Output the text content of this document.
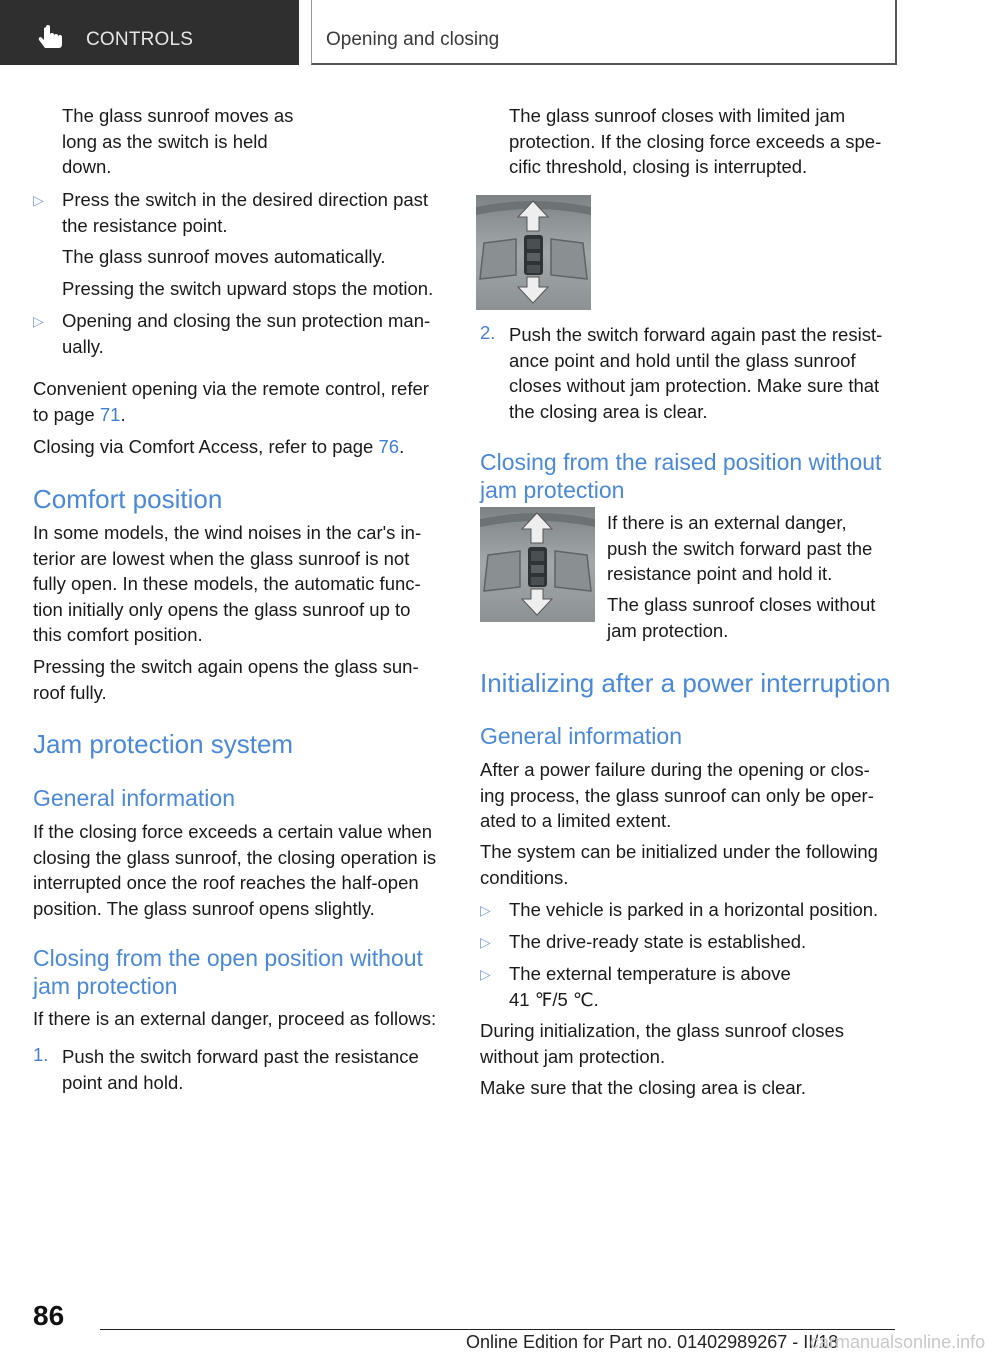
CONTROLS	Opening and closing

The glass sunroof moves as
long as the switch is held
down.

▷ Press the switch in the desired direction past
the resistance point.

The glass sunroof moves automatically.

Pressing the switch upward stops the motion.

▷ Opening and closing the sun protection man‐
ually.

Convenient opening via the remote control, refer
to page 71.

Closing via Comfort Access, refer to page 76.

Comfort position

In some models, the wind noises in the car's in‐
terior are lowest when the glass sunroof is not
fully open. In these models, the automatic func‐
tion initially only opens the glass sunroof up to
this comfort position.

Pressing the switch again opens the glass sun‐
roof fully.

Jam protection system
General information

If the closing force exceeds a certain value when
closing the glass sunroof, the closing operation is
interrupted once the roof reaches the half-open
position. The glass sunroof opens slightly.

Closing from the open position without
jam protection

If there is an external danger, proceed as follows:

1. Push the switch forward past the resistance
point and hold.

The glass sunroof closes with limited jam
protection. If the closing force exceeds a spe‐
cific threshold, closing is interrupted.

2. Push the switch forward again past the resist‐
ance point and hold until the glass sunroof
closes without jam protection. Make sure that
the closing area is clear.

Closing from the raised position without
jam protection

If there is an external danger,
push the switch forward past the
resistance point and hold it.

The glass sunroof closes without
jam protection.

Initializing after a power interruption
General information

After a power failure during the opening or clos‐
ing process, the glass sunroof can only be oper‐
ated to a limited extent.

The system can be initialized under the following
conditions.

▷ The vehicle is parked in a horizontal position.

▷ The drive-ready state is established.

▷ The external temperature is above
41 ℉/5 ℃.

During initialization, the glass sunroof closes
without jam protection.

Make sure that the closing area is clear.

86
Online Edition for Part no. 01402989267 - II/18
carmanualsonline.info
